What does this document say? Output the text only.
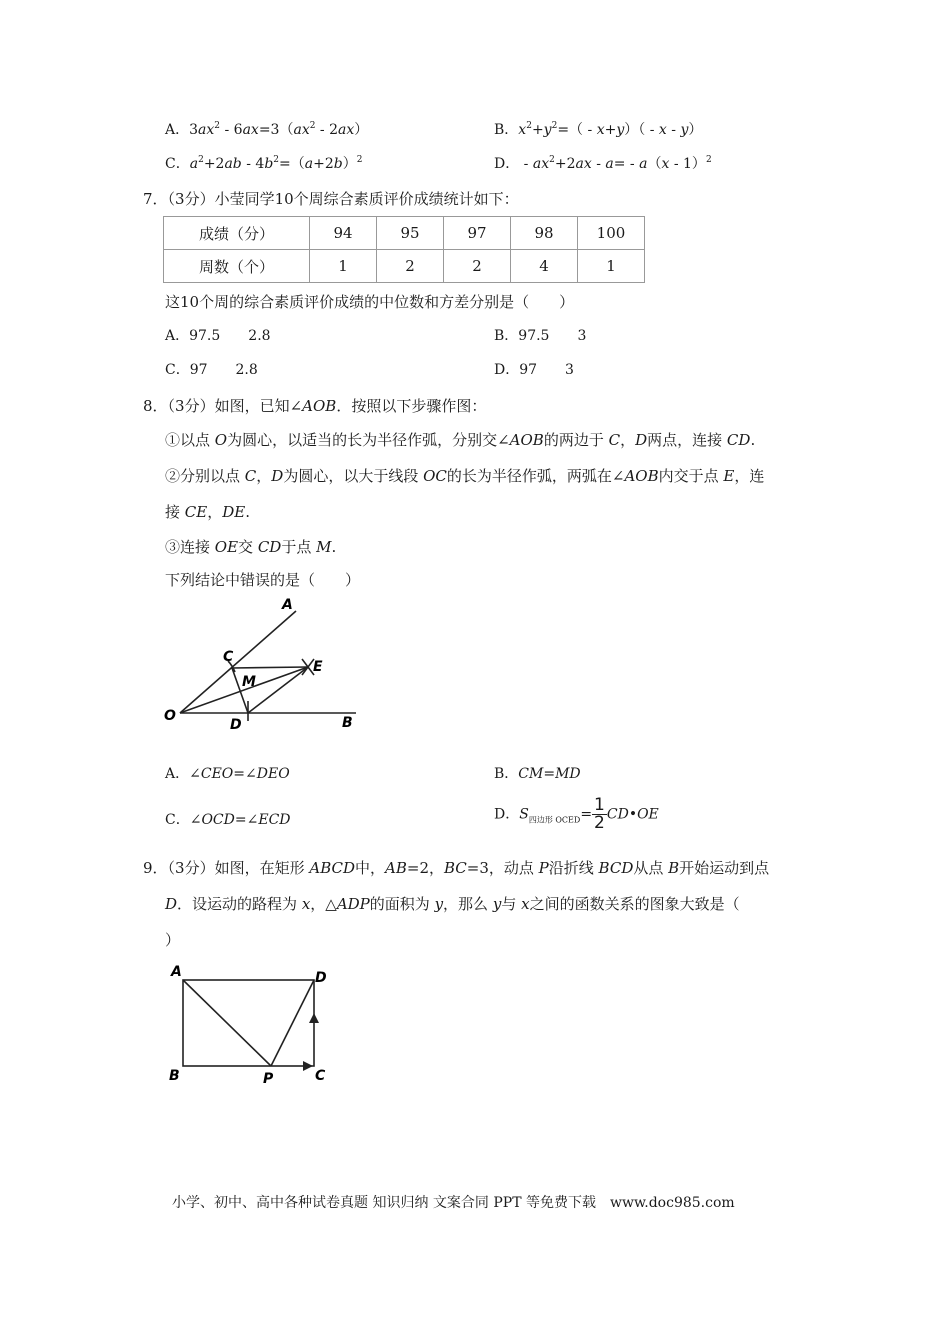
A．$3ax^2 - 6ax=3(ax^2 - 2ax)$	B．$x^2+y^2=( - x+y)( - x - y)$
C．$a^2+2ab - 4b^2=(a+2b)^2$	D． - $ax^2+2ax - a= - a(x - 1)^2$
7．（3分）小莹同学10个周综合素质评价成绩统计如下：
成绩（分）	94	95	97	98	100
周数（个）	1	2	2	4	1
这10个周的综合素质评价成绩的中位数和方差分别是（　　）
A．97.5　　2.8	B．97.5　　3
C．97　　2.8	D．97　　3
8．（3分）如图，已知∠AOB．按照以下步骤作图：
①以点 O为圆心，以适当的长为半径作弧，分别交∠AOB的两边于 C，D两点，连接 CD.
②分别以点 C，D为圆心，以大于线段 OC的长为半径作弧，两弧在∠AOB内交于点 E，连
接 CE，DE.
③连接 OE交 CD于点 M.
下列结论中错误的是（　　）
A
C
E
M
O
D	B
A．∠CEO=∠DEO	B．CM=MD
C．∠OCD=∠ECD	D．$S_{四边形 OCED}= \frac{1}{2}$ CD•OE
9．（3分）如图，在矩形 ABCD中，AB=2，BC=3，动点 P沿折线 BCD从点 B开始运动到点
D．设运动的路程为 x，△ADP的面积为 y，那么 y与 x之间的函数关系的图象大致是（
）
A	D
B	P	C
小学、初中、高中各种试卷真题 知识归纳 文案合同 PPT 等免费下载　www.doc985.com
